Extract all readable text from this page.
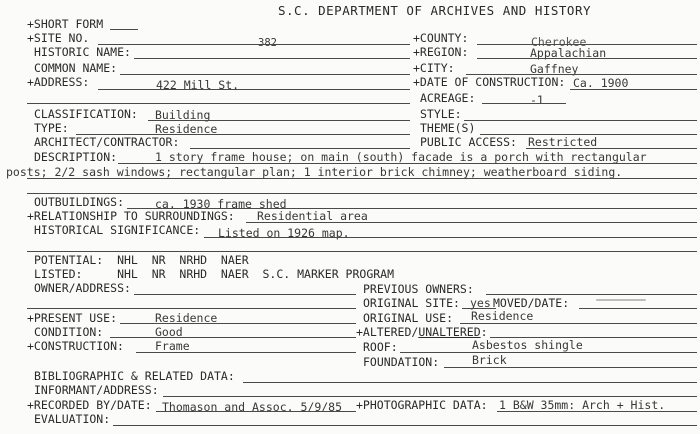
S.C. DEPARTMENT OF ARCHIVES AND HISTORY
+SHORT FORM
+SITE NO.	382	+COUNTY:	Cherokee
HISTORIC NAME:	+REGION:	Appalachian
COMMON NAME:	+CITY:	Gaffney
+ADDRESS:	422 Mill St.	+DATE OF CONSTRUCTION: Ca. 1900
ACREAGE:	-1
CLASSIFICATION: Building	STYLE:
TYPE:	Residence	THEME(S)
ARCHITECT/CONTRACTOR:	PUBLIC ACCESS: Restricted
DESCRIPTION:	1 story frame house; on main (south) facade is a porch with rectangular
posts; 2/2 sash windows; rectangular plan; 1 interior brick chimney; weatherboard siding.
OUTBUILDINGS:	ca. 1930 frame shed
+RELATIONSHIP TO SURROUNDINGS: Residential area
HISTORICAL SIGNIFICANCE: Listed on 1926 map.
POTENTIAL:  NHL  NR  NRHD  NAER
LISTED:     NHL  NR  NRHD  NAER  S.C. MARKER PROGRAM
OWNER/ADDRESS:	PREVIOUS OWNERS:
ORIGINAL SITE: yes MOVED/DATE:
+PRESENT USE:	Residence	ORIGINAL USE: Residence
CONDITION:	Good	+ALTERED/UNALTERED:
+CONSTRUCTION:	Frame	ROOF:	Asbestos shingle
FOUNDATION:	Brick
BIBLIOGRAPHIC & RELATED DATA:
INFORMANT/ADDRESS:
+RECORDED BY/DATE: Thomason and Assoc. 5/9/85 +PHOTOGRAPHIC DATA: 1 B&W 35mm: Arch + Hist.
EVALUATION:
